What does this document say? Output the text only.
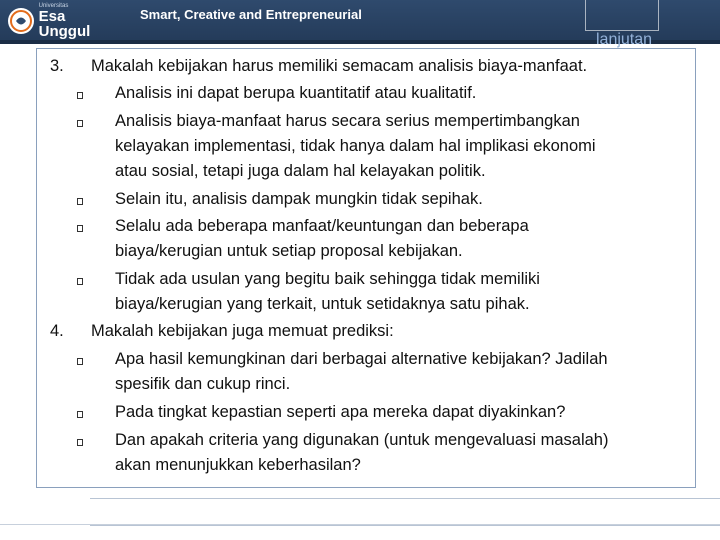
Universitas
Esa Unggul
Smart, Creative and Entrepreneurial
lanjutan
3. Makalah kebijakan harus memiliki semacam analisis biaya-manfaat.
Analisis ini dapat berupa kuantitatif atau kualitatif.
Analisis biaya-manfaat harus secara serius mempertimbangkan
kelayakan implementasi, tidak hanya dalam hal implikasi ekonomi
atau sosial, tetapi juga dalam hal kelayakan politik.
Selain itu, analisis dampak mungkin tidak sepihak.
Selalu ada beberapa manfaat/keuntungan dan beberapa
biaya/kerugian untuk setiap proposal kebijakan.
Tidak ada usulan yang begitu baik sehingga tidak memiliki
biaya/kerugian yang terkait, untuk setidaknya satu pihak.
4. Makalah kebijakan juga memuat prediksi:
Apa hasil kemungkinan dari berbagai alternative kebijakan? Jadilah
spesifik dan cukup rinci.
Pada tingkat kepastian seperti apa mereka dapat diyakinkan?
Dan apakah criteria yang digunakan (untuk mengevaluasi masalah)
akan menunjukkan keberhasilan?
